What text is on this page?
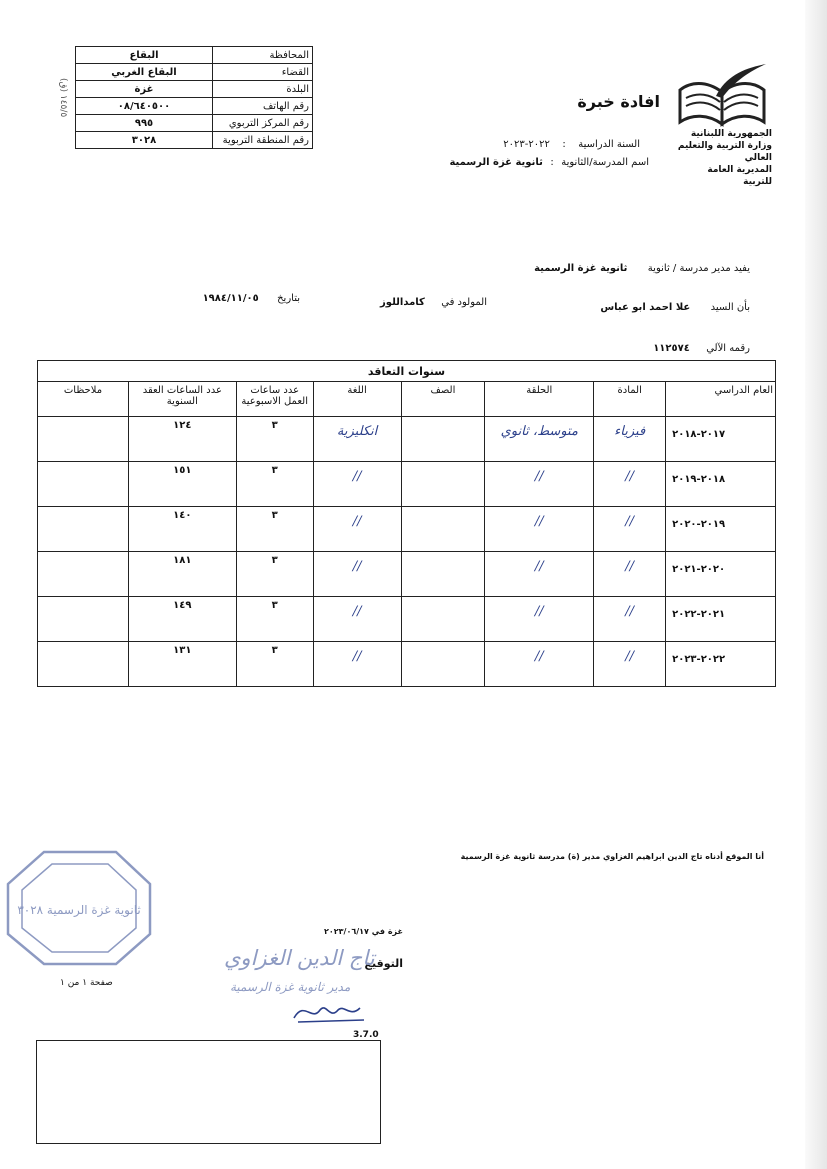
البقاع	المحافظة
البقاع الغربي	القضاء
غزة	البلدة
٠٨/٦٤٠٥٠٠	رقم الهاتف
٩٩٥	رقم المركز التربوي
٣٠٢٨	رقم المنطقة التربوية
١٤٥/٥ (ق)
الجمهورية اللبنانية
وزارة التربية والتعليم العالي
المديرية العامة للتربية
افادة خبرة
السنة الدراسية : ٢٠٢٢-٢٠٢٣
اسم المدرسة/الثانوية : ثانوية غزة الرسمية
يفيد مدير مدرسة / ثانوية  ثانوية غزة الرسمية
بأن السيد  علا احمد ابو عباس
المولود في  كامداللوز
بتاريخ  ١٩٨٤/١١/٠٥
رقمه الآلي  ١١٢٥٧٤
سنوات التعاقد
العام الدراسي	المادة	الحلقة	الصف	اللغة	عدد ساعات العمل الاسبوعية	عدد الساعات العقد السنوية	ملاحظات
٢٠١٧-٢٠١٨	فيزياء	متوسط، ثانوي		انكليزية	٣	١٢٤	
٢٠١٨-٢٠١٩	//	//		//	٣	١٥١	
٢٠١٩-٢٠٢٠	//	//		//	٣	١٤٠	
٢٠٢٠-٢٠٢١	//	//		//	٣	١٨١	
٢٠٢١-٢٠٢٢	//	//		//	٣	١٤٩	
٢٠٢٢-٢٠٢٣	//	//		//	٣	١٣١	
أنا الموقع أدناه تاج الدين ابراهيم الغزاوي مدير (ة) مدرسة ثانوية غزة الرسمية
غزة في ٢٠٢٣/٠٦/١٧
التوقيع
ثانوية غزة الرسمية ٣٠٢٨
صفحة ١ من ١
تاج الدين الغزاوي
مدير ثانوية غزة الرسمية
3.7.0
